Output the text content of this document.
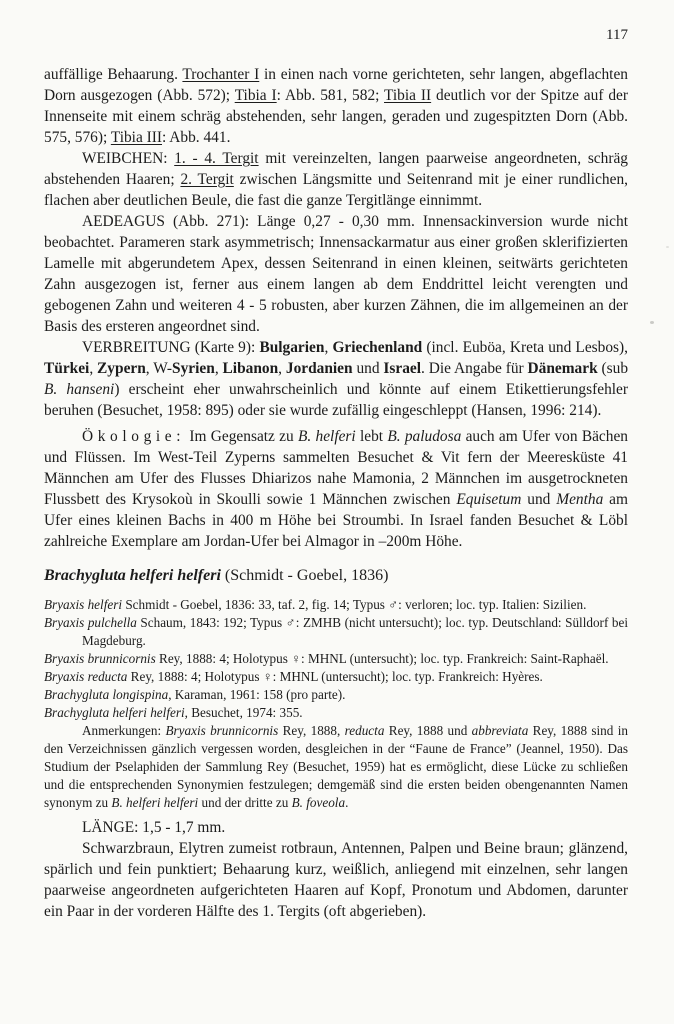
117

auffällige Behaarung. Trochanter I in einen nach vorne gerichteten, sehr langen, abgeflachten Dorn ausgezogen (Abb. 572); Tibia I: Abb. 581, 582; Tibia II deutlich vor der Spitze auf der Innenseite mit einem schräg abstehenden, sehr langen, geraden und zugespitzten Dorn (Abb. 575, 576); Tibia III: Abb. 441.

WEIBCHEN: 1. - 4. Tergit mit vereinzelten, langen paarweise angeordneten, schräg abstehenden Haaren; 2. Tergit zwischen Längsmitte und Seitenrand mit je einer rundlichen, flachen aber deutlichen Beule, die fast die ganze Tergitlänge einnimmt.

AEDEAGUS (Abb. 271): Länge 0,27 - 0,30 mm. Innensackinversion wurde nicht beobachtet. Parameren stark asymmetrisch; Innensackarmatur aus einer großen sklerifizierten Lamelle mit abgerundetem Apex, dessen Seitenrand in einen kleinen, seitwärts gerichteten Zahn ausgezogen ist, ferner aus einem langen ab dem Enddrittel leicht verengten und gebogenen Zahn und weiteren 4 - 5 robusten, aber kurzen Zähnen, die im allgemeinen an der Basis des ersteren angeordnet sind.

VERBREITUNG (Karte 9): Bulgarien, Griechenland (incl. Euböa, Kreta und Lesbos), Türkei, Zypern, W-Syrien, Libanon, Jordanien und Israel. Die Angabe für Dänemark (sub B. hanseni) erscheint eher unwahrscheinlich und könnte auf einem Etikettierungsfehler beruhen (Besuchet, 1958: 895) oder sie wurde zufällig eingeschleppt (Hansen, 1996: 214).

Ökologie: Im Gegensatz zu B. helferi lebt B. paludosa auch am Ufer von Bächen und Flüssen. Im West-Teil Zyperns sammelten Besuchet & Vit fern der Meeresküste 41 Männchen am Ufer des Flusses Dhiarizos nahe Mamonia, 2 Männchen im ausgetrockneten Flussbett des Krysokoù in Skoulli sowie 1 Männchen zwischen Equisetum und Mentha am Ufer eines kleinen Bachs in 400 m Höhe bei Stroumbi. In Israel fanden Besuchet & Löbl zahlreiche Exemplare am Jordan-Ufer bei Almagor in –200m Höhe.

Brachygluta helferi helferi (Schmidt - Goebel, 1836)

Bryaxis helferi Schmidt - Goebel, 1836: 33, taf. 2, fig. 14; Typus ♂: verloren; loc. typ. Italien: Sizilien.

Bryaxis pulchella Schaum, 1843: 192; Typus ♂: ZMHB (nicht untersucht); loc. typ. Deutschland: Sülldorf bei Magdeburg.

Bryaxis brunnicornis Rey, 1888: 4; Holotypus ♀: MHNL (untersucht); loc. typ. Frankreich: Saint-Raphaël.

Bryaxis reducta Rey, 1888: 4; Holotypus ♀: MHNL (untersucht); loc. typ. Frankreich: Hyères.

Brachygluta longispina, Karaman, 1961: 158 (pro parte).

Brachygluta helferi helferi, Besuchet, 1974: 355.

Anmerkungen: Bryaxis brunnicornis Rey, 1888, reducta Rey, 1888 und abbreviata Rey, 1888 sind in den Verzeichnissen gänzlich vergessen worden, desgleichen in der “Faune de France” (Jeannel, 1950). Das Studium der Pselaphiden der Sammlung Rey (Besuchet, 1959) hat es ermöglicht, diese Lücke zu schließen und die entsprechenden Synonymien festzulegen; demgemäß sind die ersten beiden obengenannten Namen synonym zu B. helferi helferi und der dritte zu B. foveola.

LÄNGE: 1,5 - 1,7 mm.

Schwarzbraun, Elytren zumeist rotbraun, Antennen, Palpen und Beine braun; glänzend, spärlich und fein punktiert; Behaarung kurz, weißlich, anliegend mit einzelnen, sehr langen paarweise angeordneten aufgerichteten Haaren auf Kopf, Pronotum und Abdomen, darunter ein Paar in der vorderen Hälfte des 1. Tergits (oft abgerieben).
